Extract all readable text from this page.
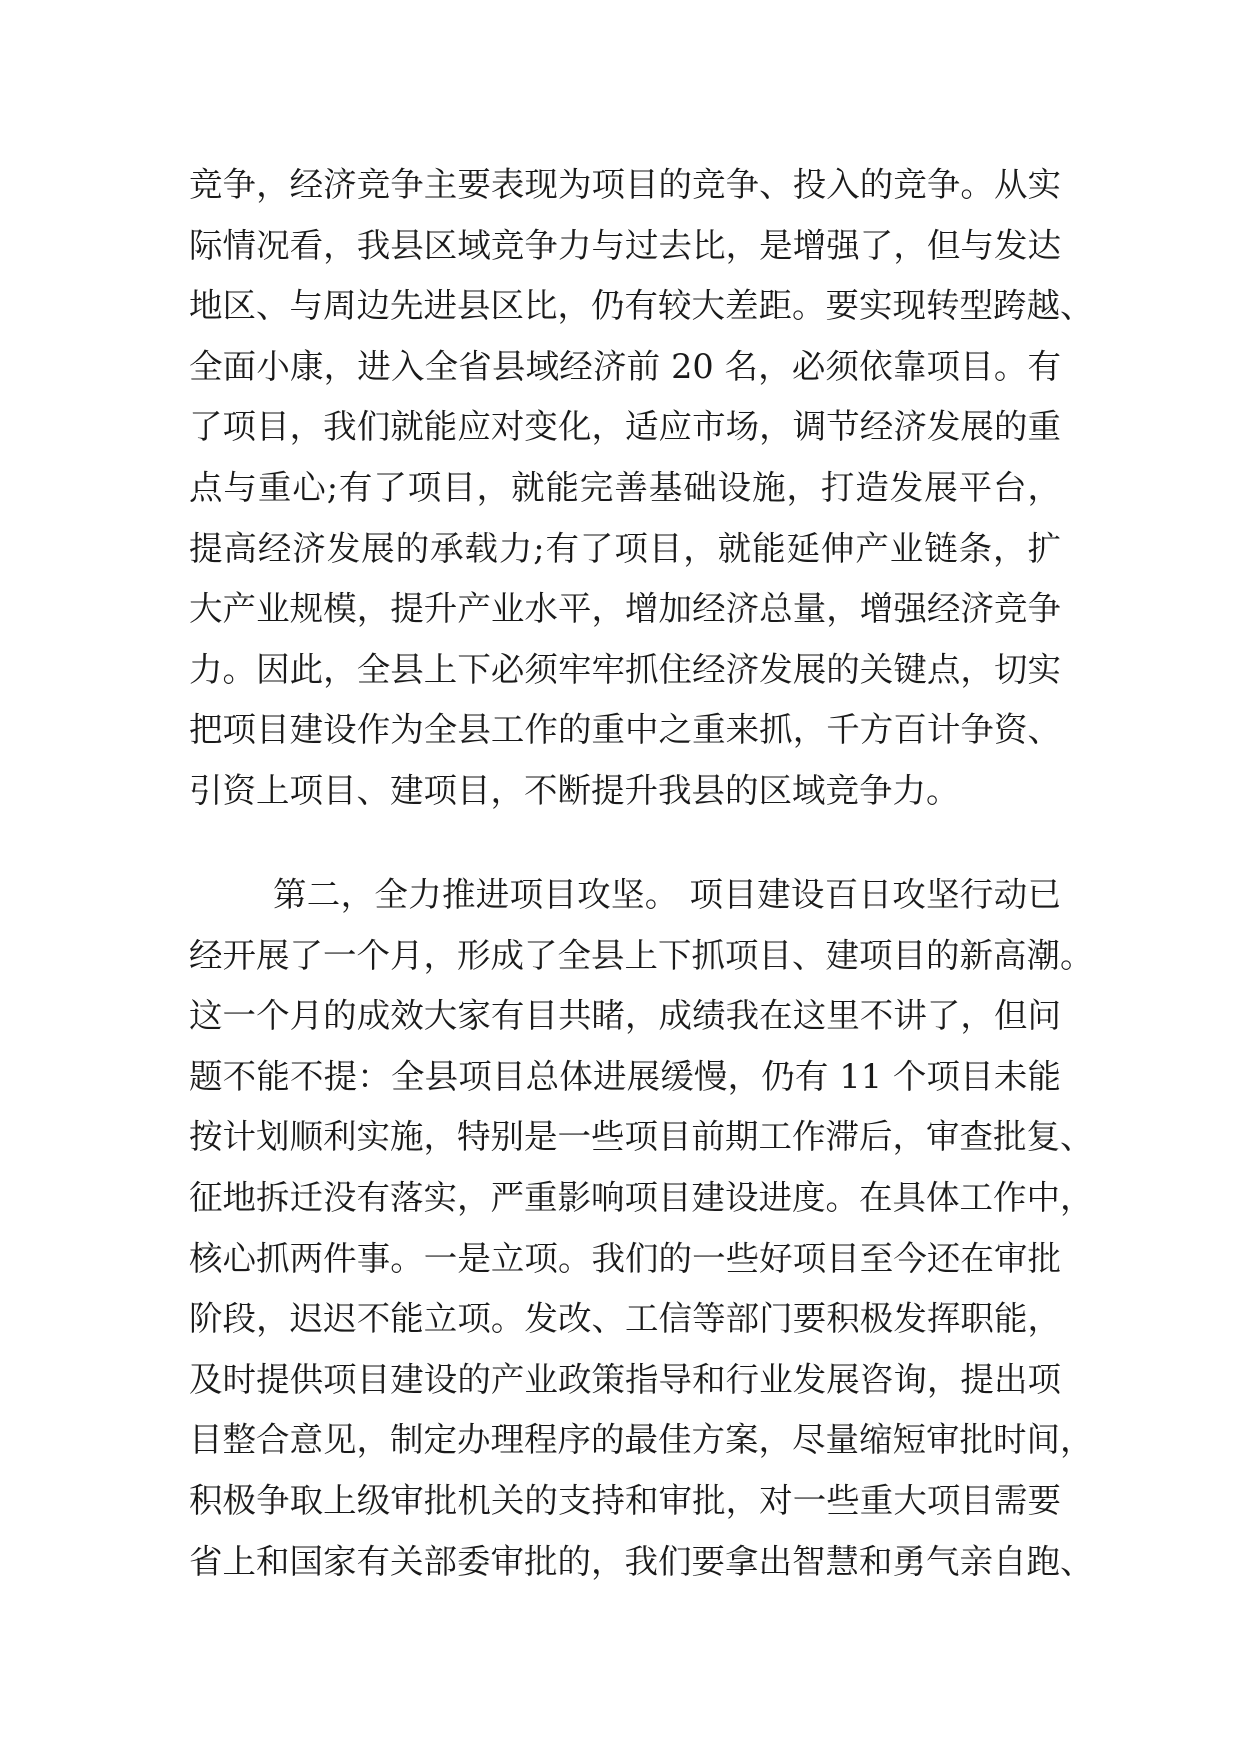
竞争，经济竞争主要表现为项目的竞争、投入的竞争。从实
际情况看，我县区域竞争力与过去比，是增强了，但与发达
地区、与周边先进县区比，仍有较大差距。要实现转型跨越、
全面小康，进入全省县域经济前 20 名，必须依靠项目。有
了项目，我们就能应对变化，适应市场，调节经济发展的重
点与重心;有了项目，就能完善基础设施，打造发展平台，
提高经济发展的承载力;有了项目，就能延伸产业链条，扩
大产业规模，提升产业水平，增加经济总量，增强经济竞争
力。因此，全县上下必须牢牢抓住经济发展的关键点，切实
把项目建设作为全县工作的重中之重来抓，千方百计争资、
引资上项目、建项目，不断提升我县的区域竞争力。
第二，全力推进项目攻坚。 项目建设百日攻坚行动已
经开展了一个月，形成了全县上下抓项目、建项目的新高潮。
这一个月的成效大家有目共睹，成绩我在这里不讲了，但问
题不能不提：全县项目总体进展缓慢，仍有 11 个项目未能
按计划顺利实施，特别是一些项目前期工作滞后，审查批复、
征地拆迁没有落实，严重影响项目建设进度。在具体工作中，
核心抓两件事。一是立项。我们的一些好项目至今还在审批
阶段，迟迟不能立项。发改、工信等部门要积极发挥职能，
及时提供项目建设的产业政策指导和行业发展咨询，提出项
目整合意见，制定办理程序的最佳方案，尽量缩短审批时间，
积极争取上级审批机关的支持和审批，对一些重大项目需要
省上和国家有关部委审批的，我们要拿出智慧和勇气亲自跑、
